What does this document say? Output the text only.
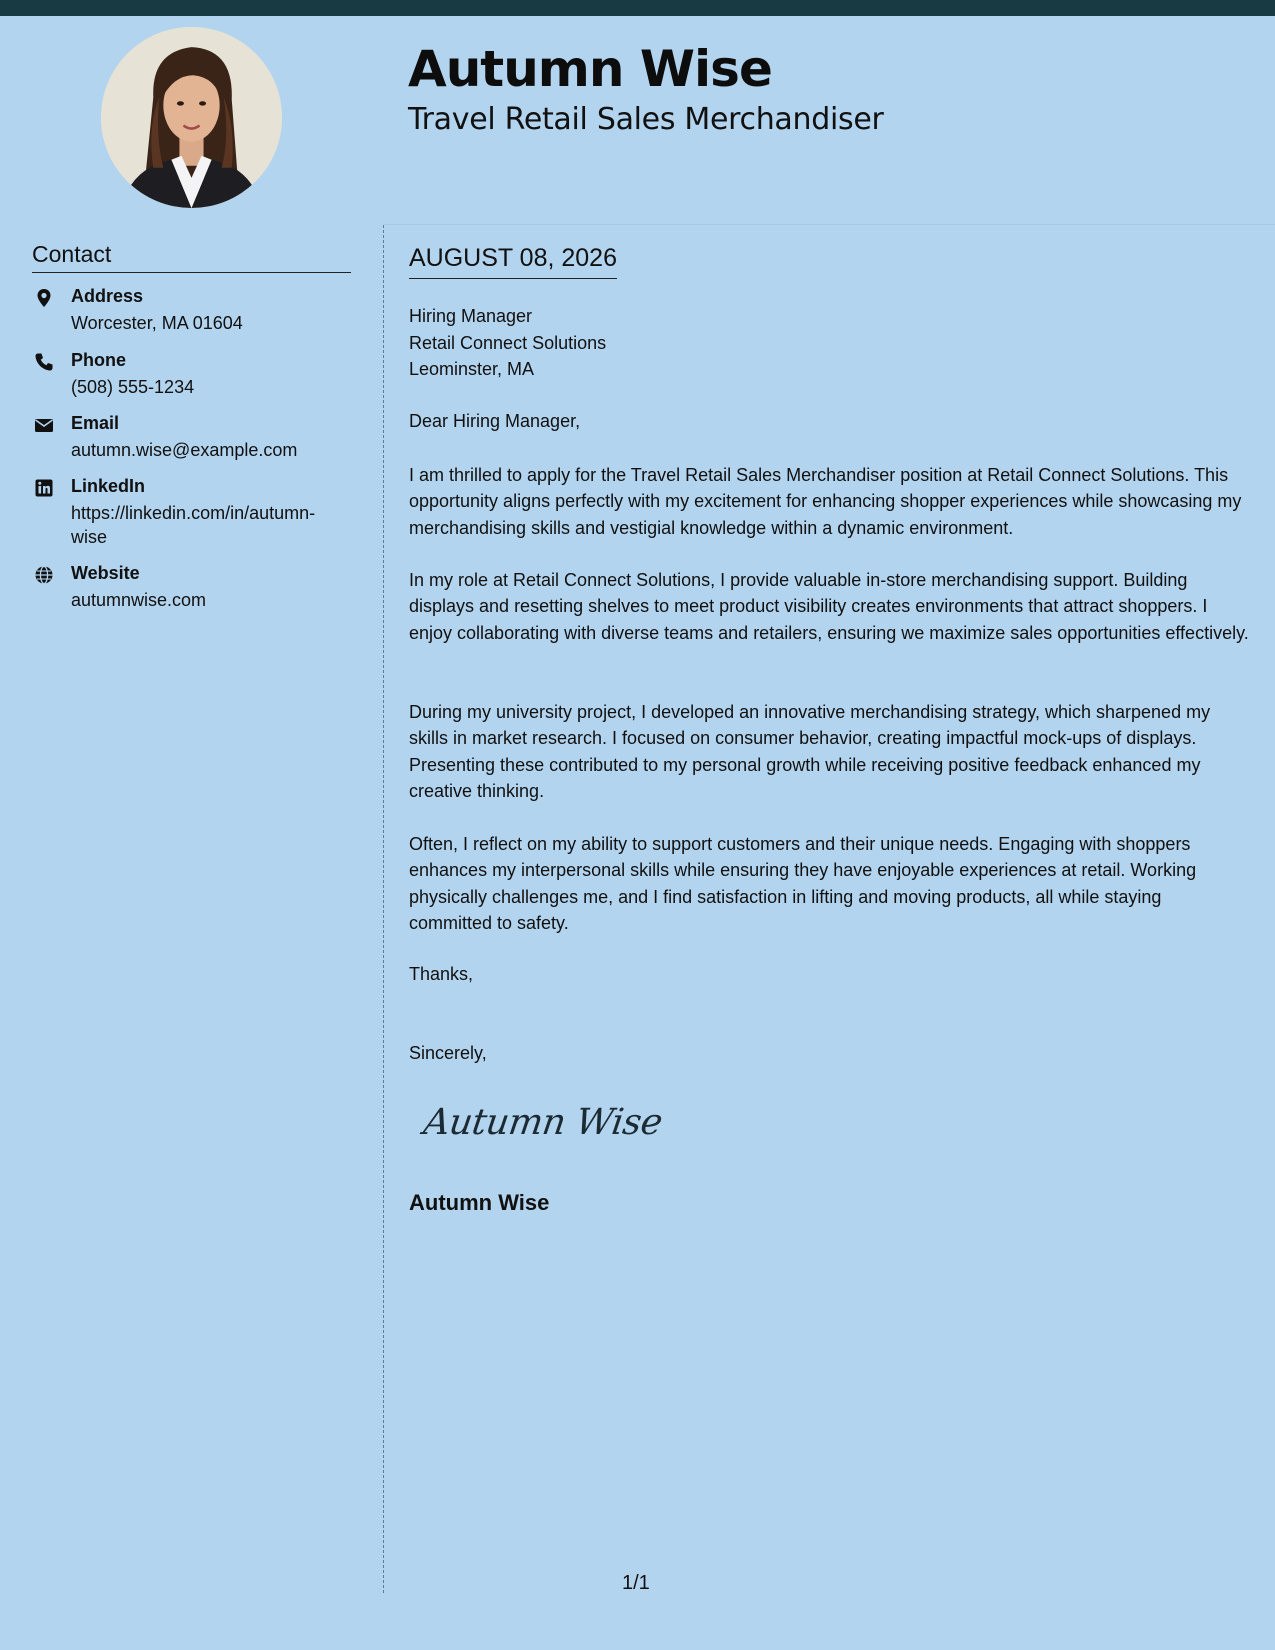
Autumn Wise
Travel Retail Sales Merchandiser
Contact
Address
Worcester, MA 01604
Phone
(508) 555-1234
Email
autumn.wise@example.com
LinkedIn
https://linkedin.com/in/autumn-wise
Website
autumnwise.com
AUGUST 08, 2026
Hiring Manager
Retail Connect Solutions
Leominster, MA
Dear Hiring Manager,

I am thrilled to apply for the Travel Retail Sales Merchandiser position at Retail Connect Solutions. This opportunity aligns perfectly with my excitement for enhancing shopper experiences while showcasing my merchandising skills and vestigial knowledge within a dynamic environment.

In my role at Retail Connect Solutions, I provide valuable in-store merchandising support. Building displays and resetting shelves to meet product visibility creates environments that attract shoppers. I enjoy collaborating with diverse teams and retailers, ensuring we maximize sales opportunities effectively.

During my university project, I developed an innovative merchandising strategy, which sharpened my skills in market research. I focused on consumer behavior, creating impactful mock-ups of displays. Presenting these contributed to my personal growth while receiving positive feedback enhanced my creative thinking.

Often, I reflect on my ability to support customers and their unique needs. Engaging with shoppers enhances my interpersonal skills while ensuring they have enjoyable experiences at retail. Working physically challenges me, and I find satisfaction in lifting and moving products, all while staying committed to safety.

Thanks,
Sincerely,
Autumn Wise
Autumn Wise
1/1
